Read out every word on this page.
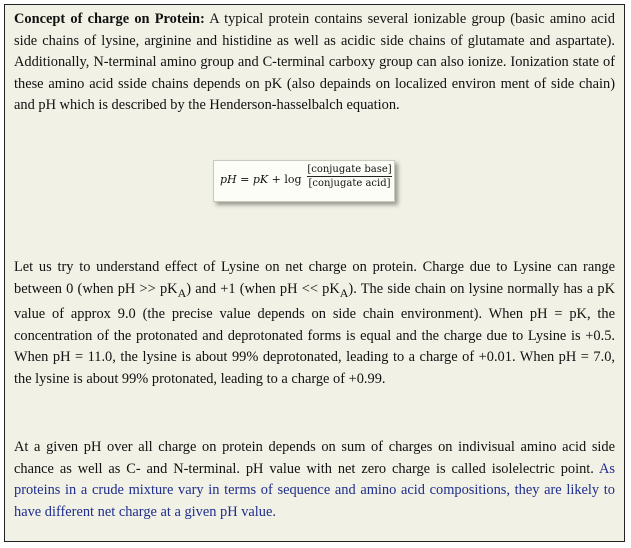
Concept of charge on Protein: A typical protein contains several ionizable group (basic amino acid side chains of lysine, arginine and histidine as well as acidic side chains of glutamate and aspartate). Additionally, N-terminal amino group and C-terminal carboxy group can also ionize. Ionization state of these amino acid sside chains depends on pK (also depainds on localized environ ment of side chain) and pH which is described by the Henderson-hasselbalch equation.

pH = pK + log
[conjugate base]
[conjugate acid]

Let us try to understand effect of Lysine on net charge on protein. Charge due to Lysine can range between 0 (when pH >> $pK_A$) and +1 (when pH << $pK_A$). The side chain on lysine normally has a pK value of approx 9.0 (the precise value depends on side chain environment). When pH = pK, the concentration of the protonated and deprotonated forms is equal and the charge due to Lysine is +0.5. When pH = 11.0, the lysine is about 99% deprotonated, leading to a charge of +0.01. When pH = 7.0, the lysine is about 99% protonated, leading to a charge of +0.99.

At a given pH over all charge on protein depends on sum of charges on indivisual amino acid side chance as well as C- and N-terminal. pH value with net zero charge is called isolelectric point. As proteins in a crude mixture vary in terms of sequence and amino acid compositions, they are likely to have different net charge at a given pH value.
